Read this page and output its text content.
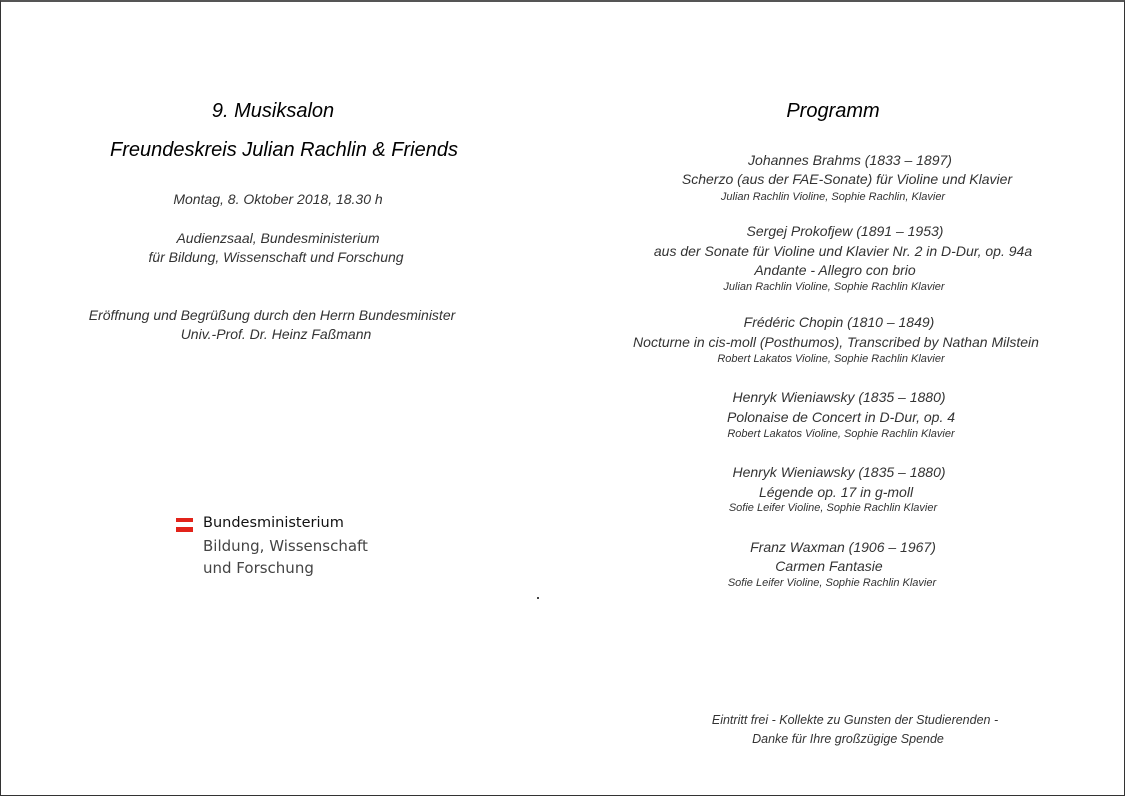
9. Musiksalon
Freundeskreis Julian Rachlin & Friends
Montag, 8. Oktober 2018, 18.30 h
Audienzsaal, Bundesministerium
für Bildung, Wissenschaft und Forschung
Eröffnung und Begrüßung durch den Herrn Bundesminister
Univ.-Prof. Dr. Heinz Faßmann
Bundesministerium
Bildung, Wissenschaft
und Forschung
Programm
Johannes Brahms (1833 – 1897)
Scherzo (aus der FAE-Sonate) für Violine und Klavier
Julian Rachlin Violine, Sophie Rachlin, Klavier
Sergej Prokofjew (1891 – 1953)
aus der Sonate für Violine und Klavier Nr. 2 in D-Dur, op. 94a
Andante - Allegro con brio
Julian Rachlin Violine, Sophie Rachlin Klavier
Frédéric Chopin (1810 – 1849)
Nocturne in cis-moll (Posthumos), Transcribed by Nathan Milstein
Robert Lakatos Violine, Sophie Rachlin Klavier
Henryk Wieniawsky (1835 – 1880)
Polonaise de Concert in D-Dur, op. 4
Robert Lakatos Violine, Sophie Rachlin Klavier
Henryk Wieniawsky (1835 – 1880)
Légende op. 17 in g-moll
Sofie Leifer Violine, Sophie Rachlin Klavier
Franz Waxman (1906 – 1967)
Carmen Fantasie
Sofie Leifer Violine, Sophie Rachlin Klavier
Eintritt frei - Kollekte zu Gunsten der Studierenden -
Danke für Ihre großzügige Spende
